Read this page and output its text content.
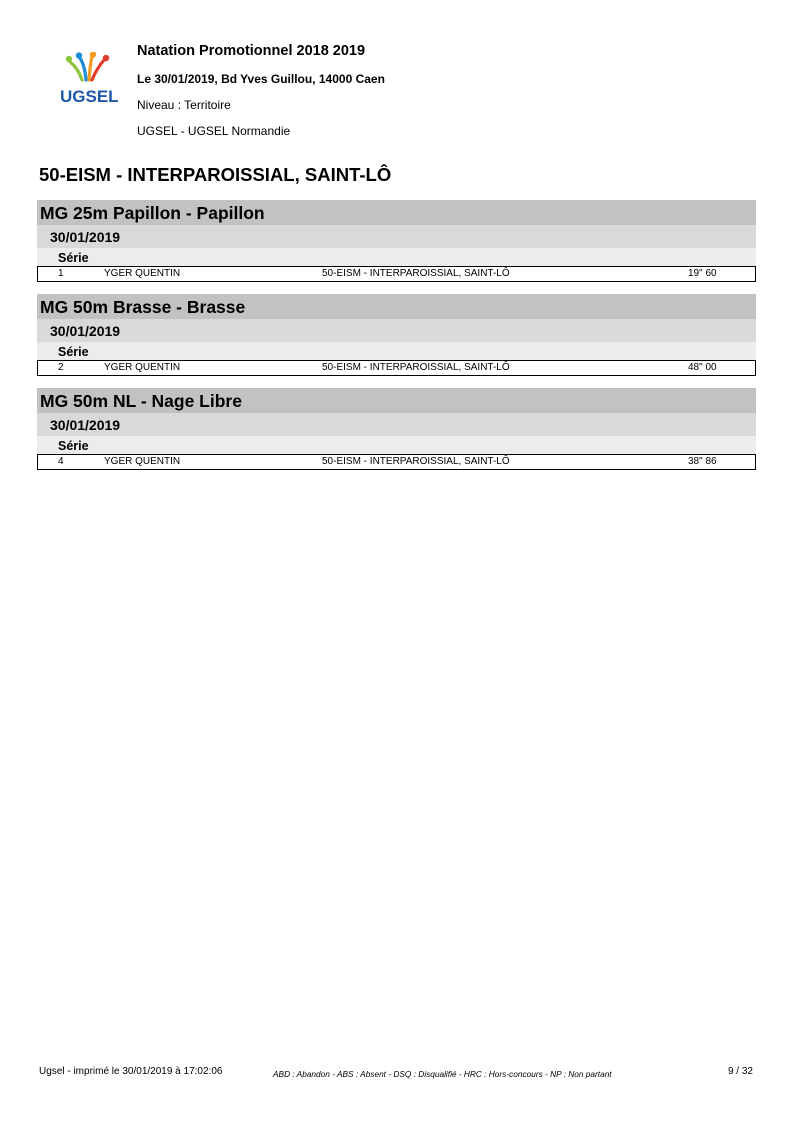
UGSEL
Natation Promotionnel 2018 2019
Le 30/01/2019, Bd Yves Guillou, 14000 Caen
Niveau : Territoire
UGSEL - UGSEL Normandie
50-EISM - INTERPAROISSIAL, SAINT-LÔ
MG 25m Papillon - Papillon
30/01/2019
Série
1	YGER QUENTIN	50-EISM - INTERPAROISSIAL, SAINT-LÔ	19" 60
MG 50m Brasse - Brasse
30/01/2019
Série
2	YGER QUENTIN	50-EISM - INTERPAROISSIAL, SAINT-LÔ	48" 00
MG 50m NL - Nage Libre
30/01/2019
Série
4	YGER QUENTIN	50-EISM - INTERPAROISSIAL, SAINT-LÔ	38" 86
Ugsel - imprimé le 30/01/2019 à 17:02:06	ABD : Abandon - ABS : Absent - DSQ : Disqualifié - HRC : Hors-concours - NP : Non partant	9 / 32
